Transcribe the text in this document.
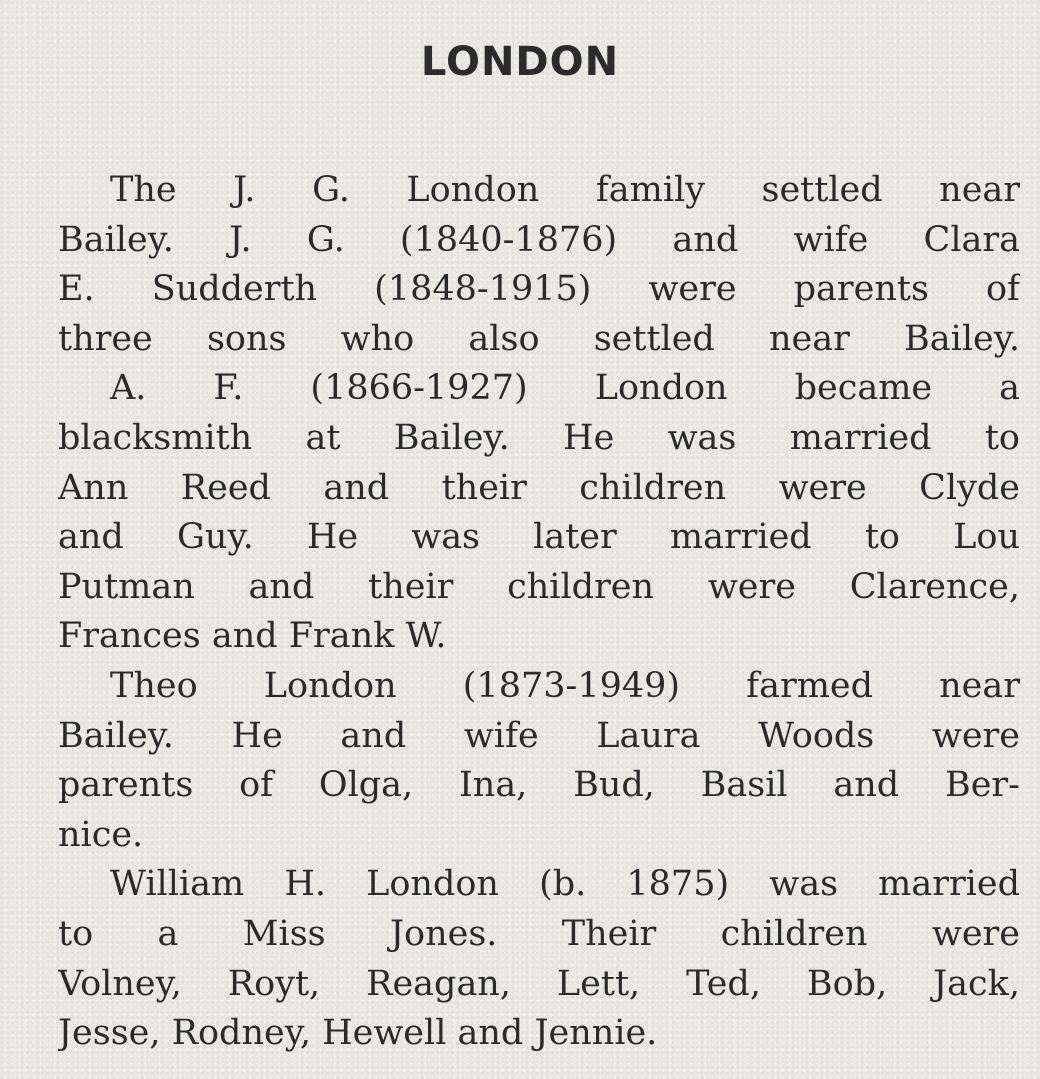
LONDON
The J. G. London family settled near
Bailey. J. G. (1840-1876) and wife Clara
E. Sudderth (1848-1915) were parents of
three sons who also settled near Bailey.
A. F. (1866-1927) London became a
blacksmith at Bailey. He was married to
Ann Reed and their children were Clyde
and Guy. He was later married to Lou
Putman and their children were Clarence,
Frances and Frank W.
Theo London (1873-1949) farmed near
Bailey. He and wife Laura Woods were
parents of Olga, Ina, Bud, Basil and Ber-
nice.
William H. London (b. 1875) was married
to a Miss Jones. Their children were
Volney, Royt, Reagan, Lett, Ted, Bob, Jack,
Jesse, Rodney, Hewell and Jennie.
